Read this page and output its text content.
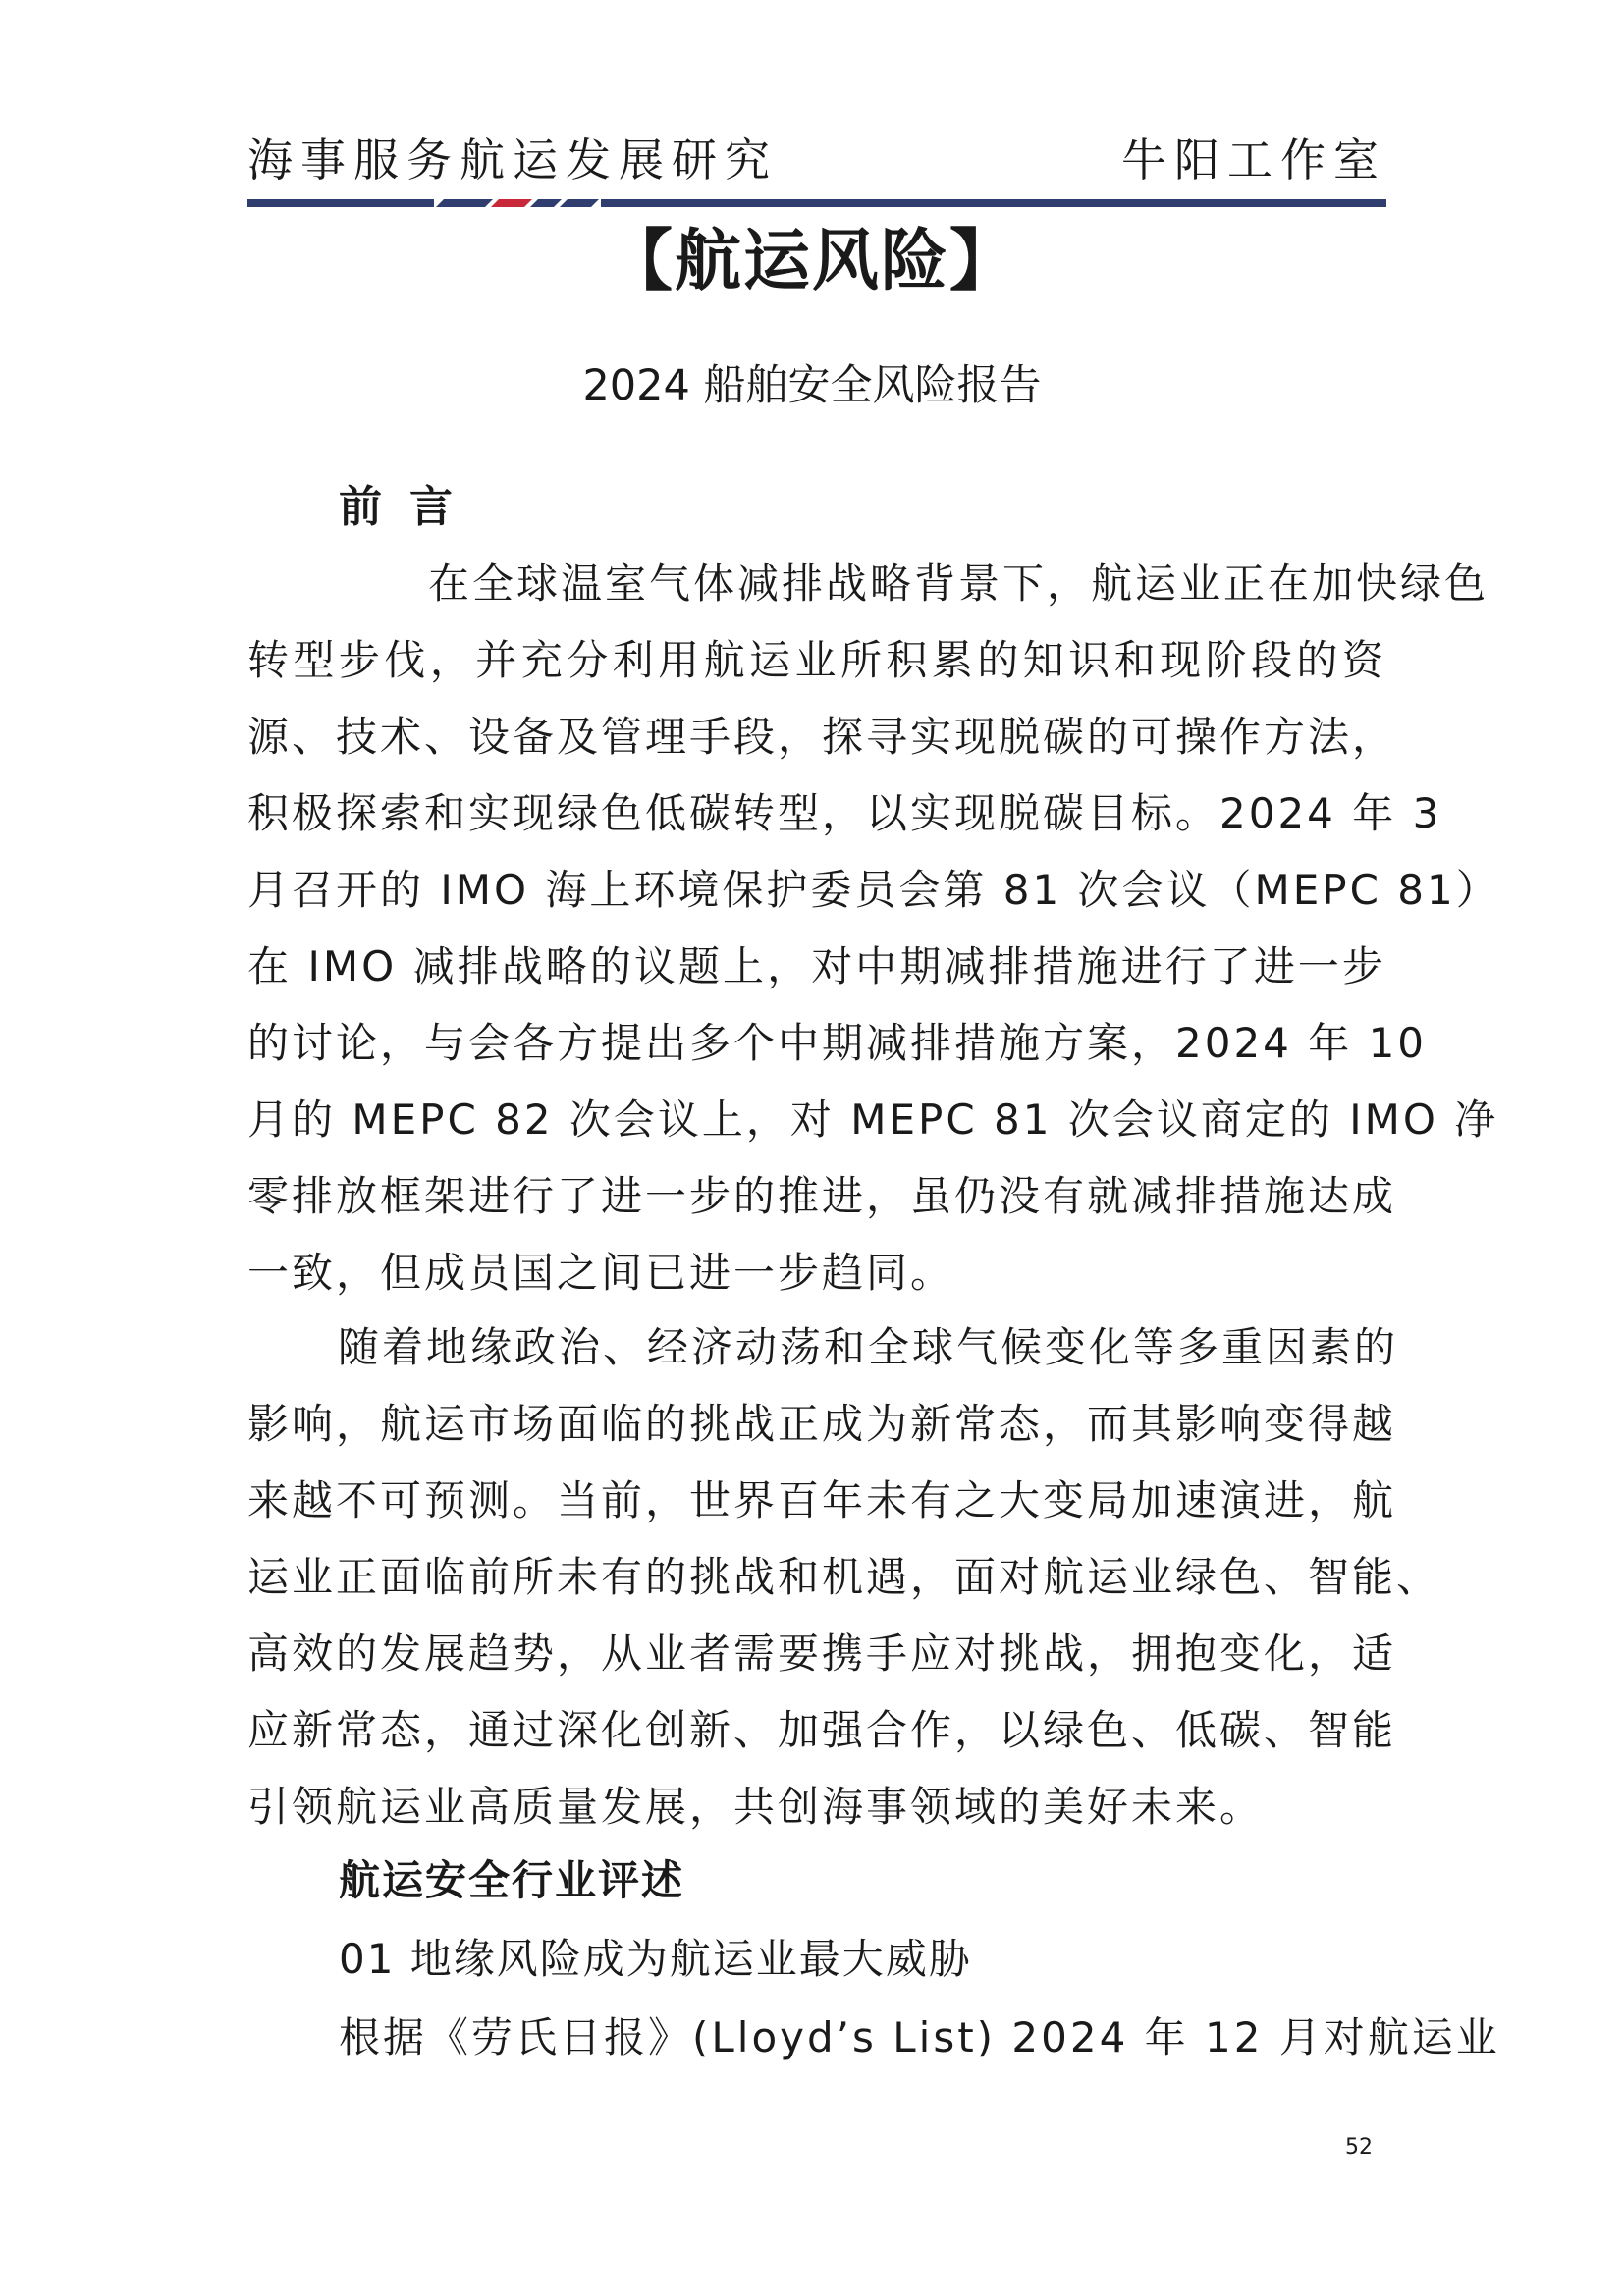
海事服务航运发展研究	牛阳工作室
【航运风险】
2024 船舶安全风险报告
前言

在全球温室气体减排战略背景下，航运业正在加快绿色

转型步伐，并充分利用航运业所积累的知识和现阶段的资
源、技术、设备及管理手段，探寻实现脱碳的可操作方法，
积极探索和实现绿色低碳转型，以实现脱碳目标。2024 年 3
月召开的 IMO 海上环境保护委员会第 81 次会议（MEPC 81）
在 IMO 减排战略的议题上，对中期减排措施进行了进一步
的讨论，与会各方提出多个中期减排措施方案，2024 年 10
月的 MEPC 82 次会议上，对 MEPC 81 次会议商定的 IMO 净
零排放框架进行了进一步的推进，虽仍没有就减排措施达成
一致，但成员国之间已进一步趋同。
随着地缘政治、经济动荡和全球气候变化等多重因素的
影响，航运市场面临的挑战正成为新常态，而其影响变得越
来越不可预测。当前，世界百年未有之大变局加速演进，航
运业正面临前所未有的挑战和机遇，面对航运业绿色、智能、
高效的发展趋势，从业者需要携手应对挑战，拥抱变化，适
应新常态，通过深化创新、加强合作，以绿色、低碳、智能
引领航运业高质量发展，共创海事领域的美好未来。
航运安全行业评述
01 地缘风险成为航运业最大威胁
根据《劳氏日报》(Lloyd’s List) 2024 年 12 月对航运业
52
